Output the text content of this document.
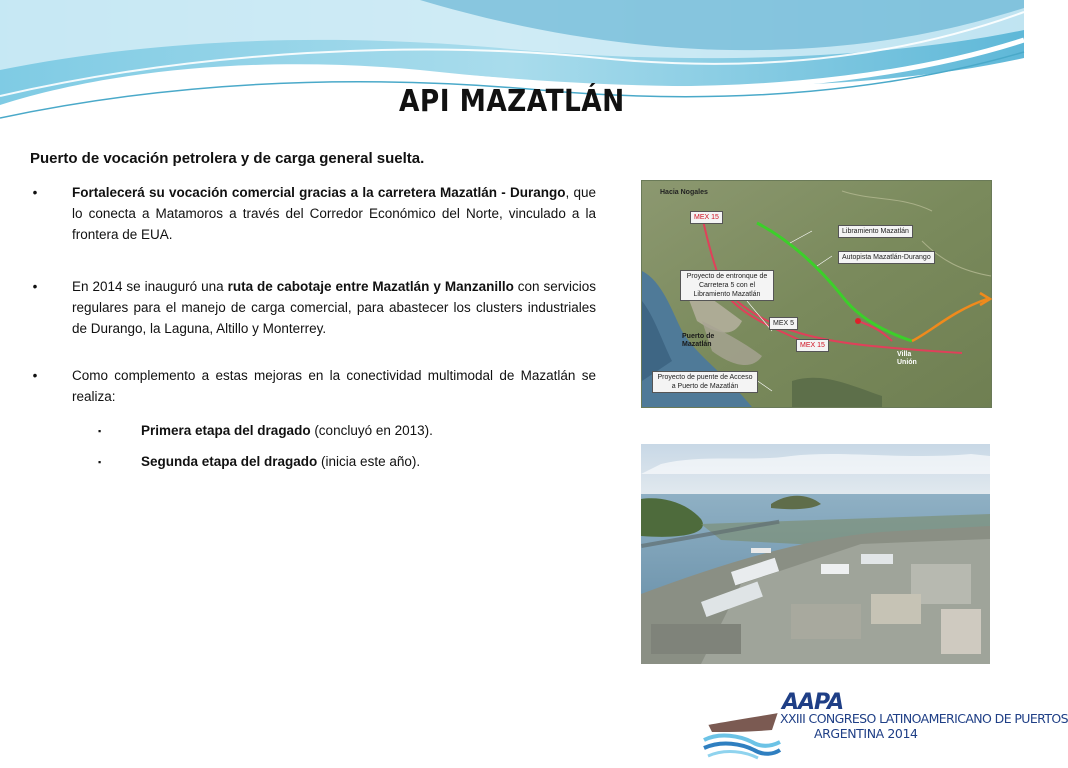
API MAZATLÁN
Puerto de vocación petrolera y de carga general suelta.
•	Fortalecerá su vocación comercial gracias a la carretera Mazatlán - Durango, que lo conecta a Matamoros a través del Corredor Económico del Norte, vinculado a la frontera de EUA.
•	En 2014 se inauguró una ruta de cabotaje entre Mazatlán y Manzanillo con servicios regulares para el manejo de carga comercial, para abastecer los clusters industriales de Durango, la Laguna, Altillo y Monterrey.
•	Como complemento a estas mejoras en la conectividad multimodal de Mazatlán se realiza:
▪	Primera etapa del dragado (concluyó en 2013).
▪	Segunda etapa del dragado (inicia este año).
Hacia Nogales
MEX 15
Libramiento Mazatlán
Autopista Mazatlán-Durango
Proyecto de entronque de Carretera 5 con el Libramiento Mazatlán
MEX 5
MEX 15
Puerto de Mazatlán
Villa Unión
Proyecto de puente de Acceso a Puerto de Mazatlán
AAPA
XXIII CONGRESO LATINOAMERICANO DE PUERTOS
ARGENTINA 2014
